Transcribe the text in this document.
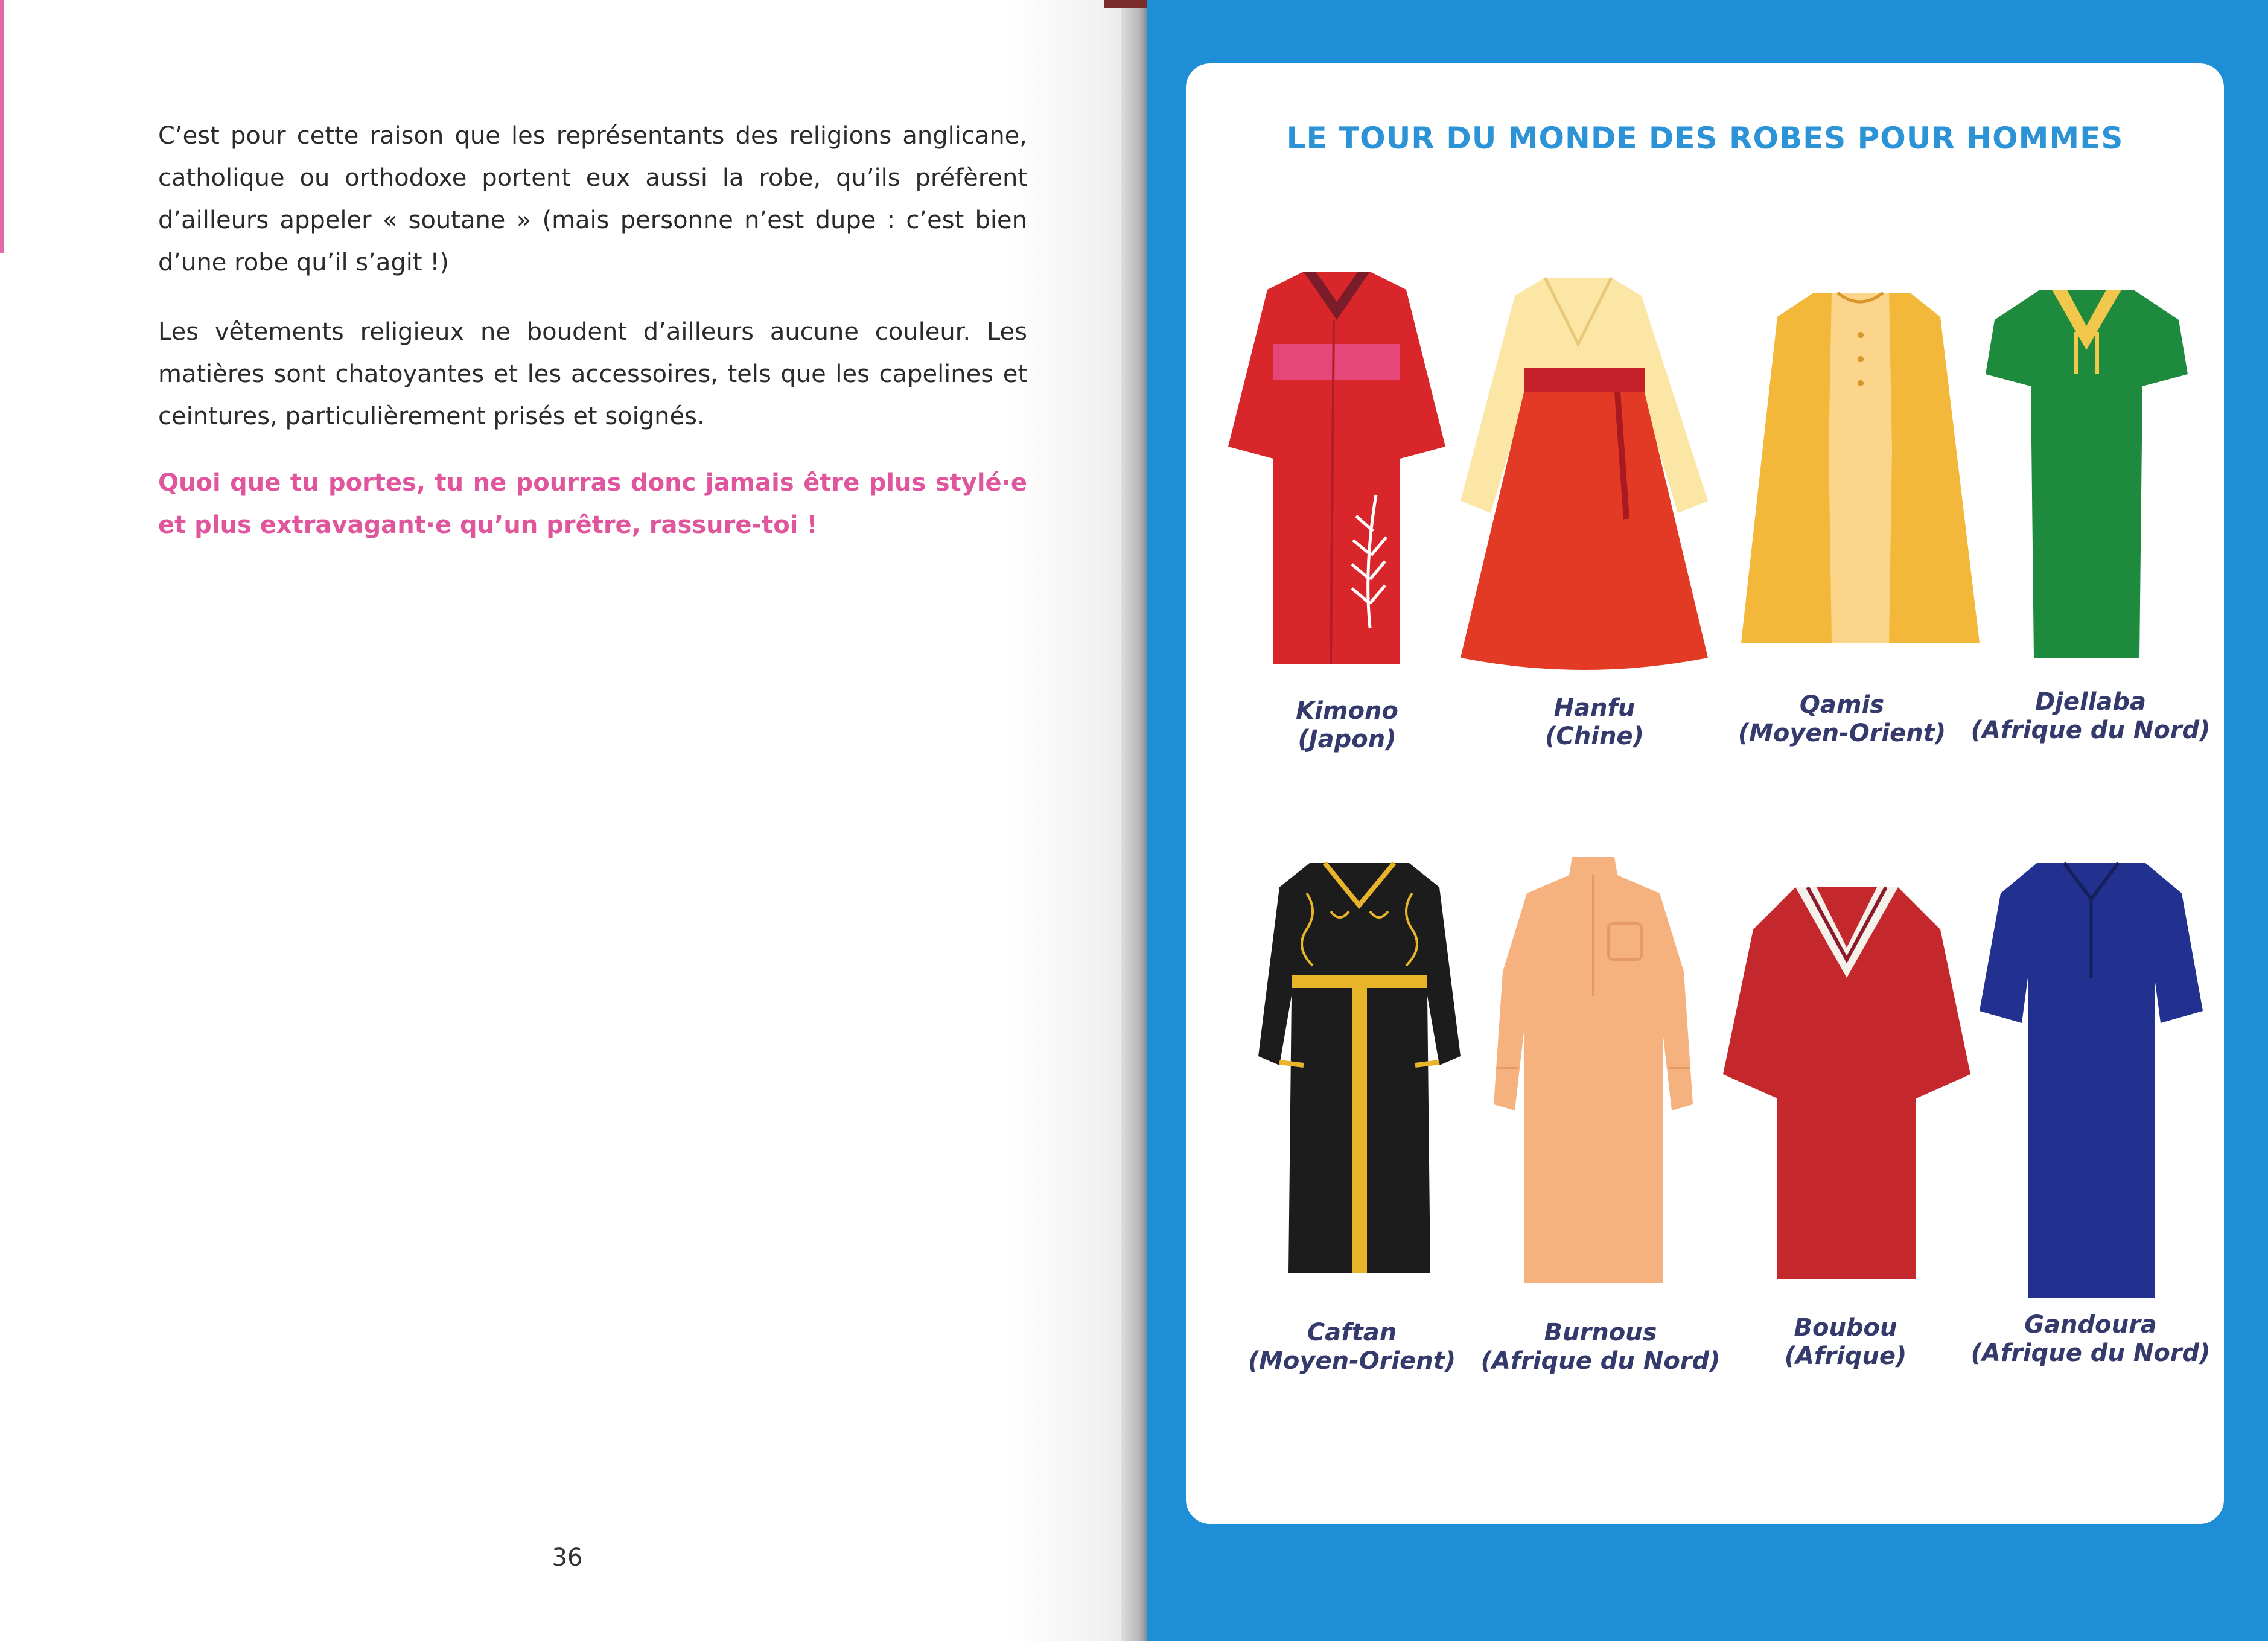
C’est pour cette raison que les représentants des religions anglicane, catholique ou orthodoxe portent eux aussi la robe, qu’ils préfèrent d’ailleurs appeler « soutane » (mais personne n’est dupe : c’est bien d’une robe qu’il s’agit !)

Les vêtements religieux ne boudent d’ailleurs aucune couleur. Les matières sont chatoyantes et les accessoires, tels que les capelines et ceintures, particulièrement prisés et soignés.

Quoi que tu portes, tu ne pourras donc jamais être plus stylé·e et plus extravagant·e qu’un prêtre, rassure-toi !

36
LE TOUR DU MONDE DES ROBES POUR HOMMES
Kimono
(Japon)
Hanfu
(Chine)
Qamis
(Moyen-Orient)
Djellaba
(Afrique du Nord)
Caftan
(Moyen-Orient)
Burnous
(Afrique du Nord)
Boubou
(Afrique)
Gandoura
(Afrique du Nord)
